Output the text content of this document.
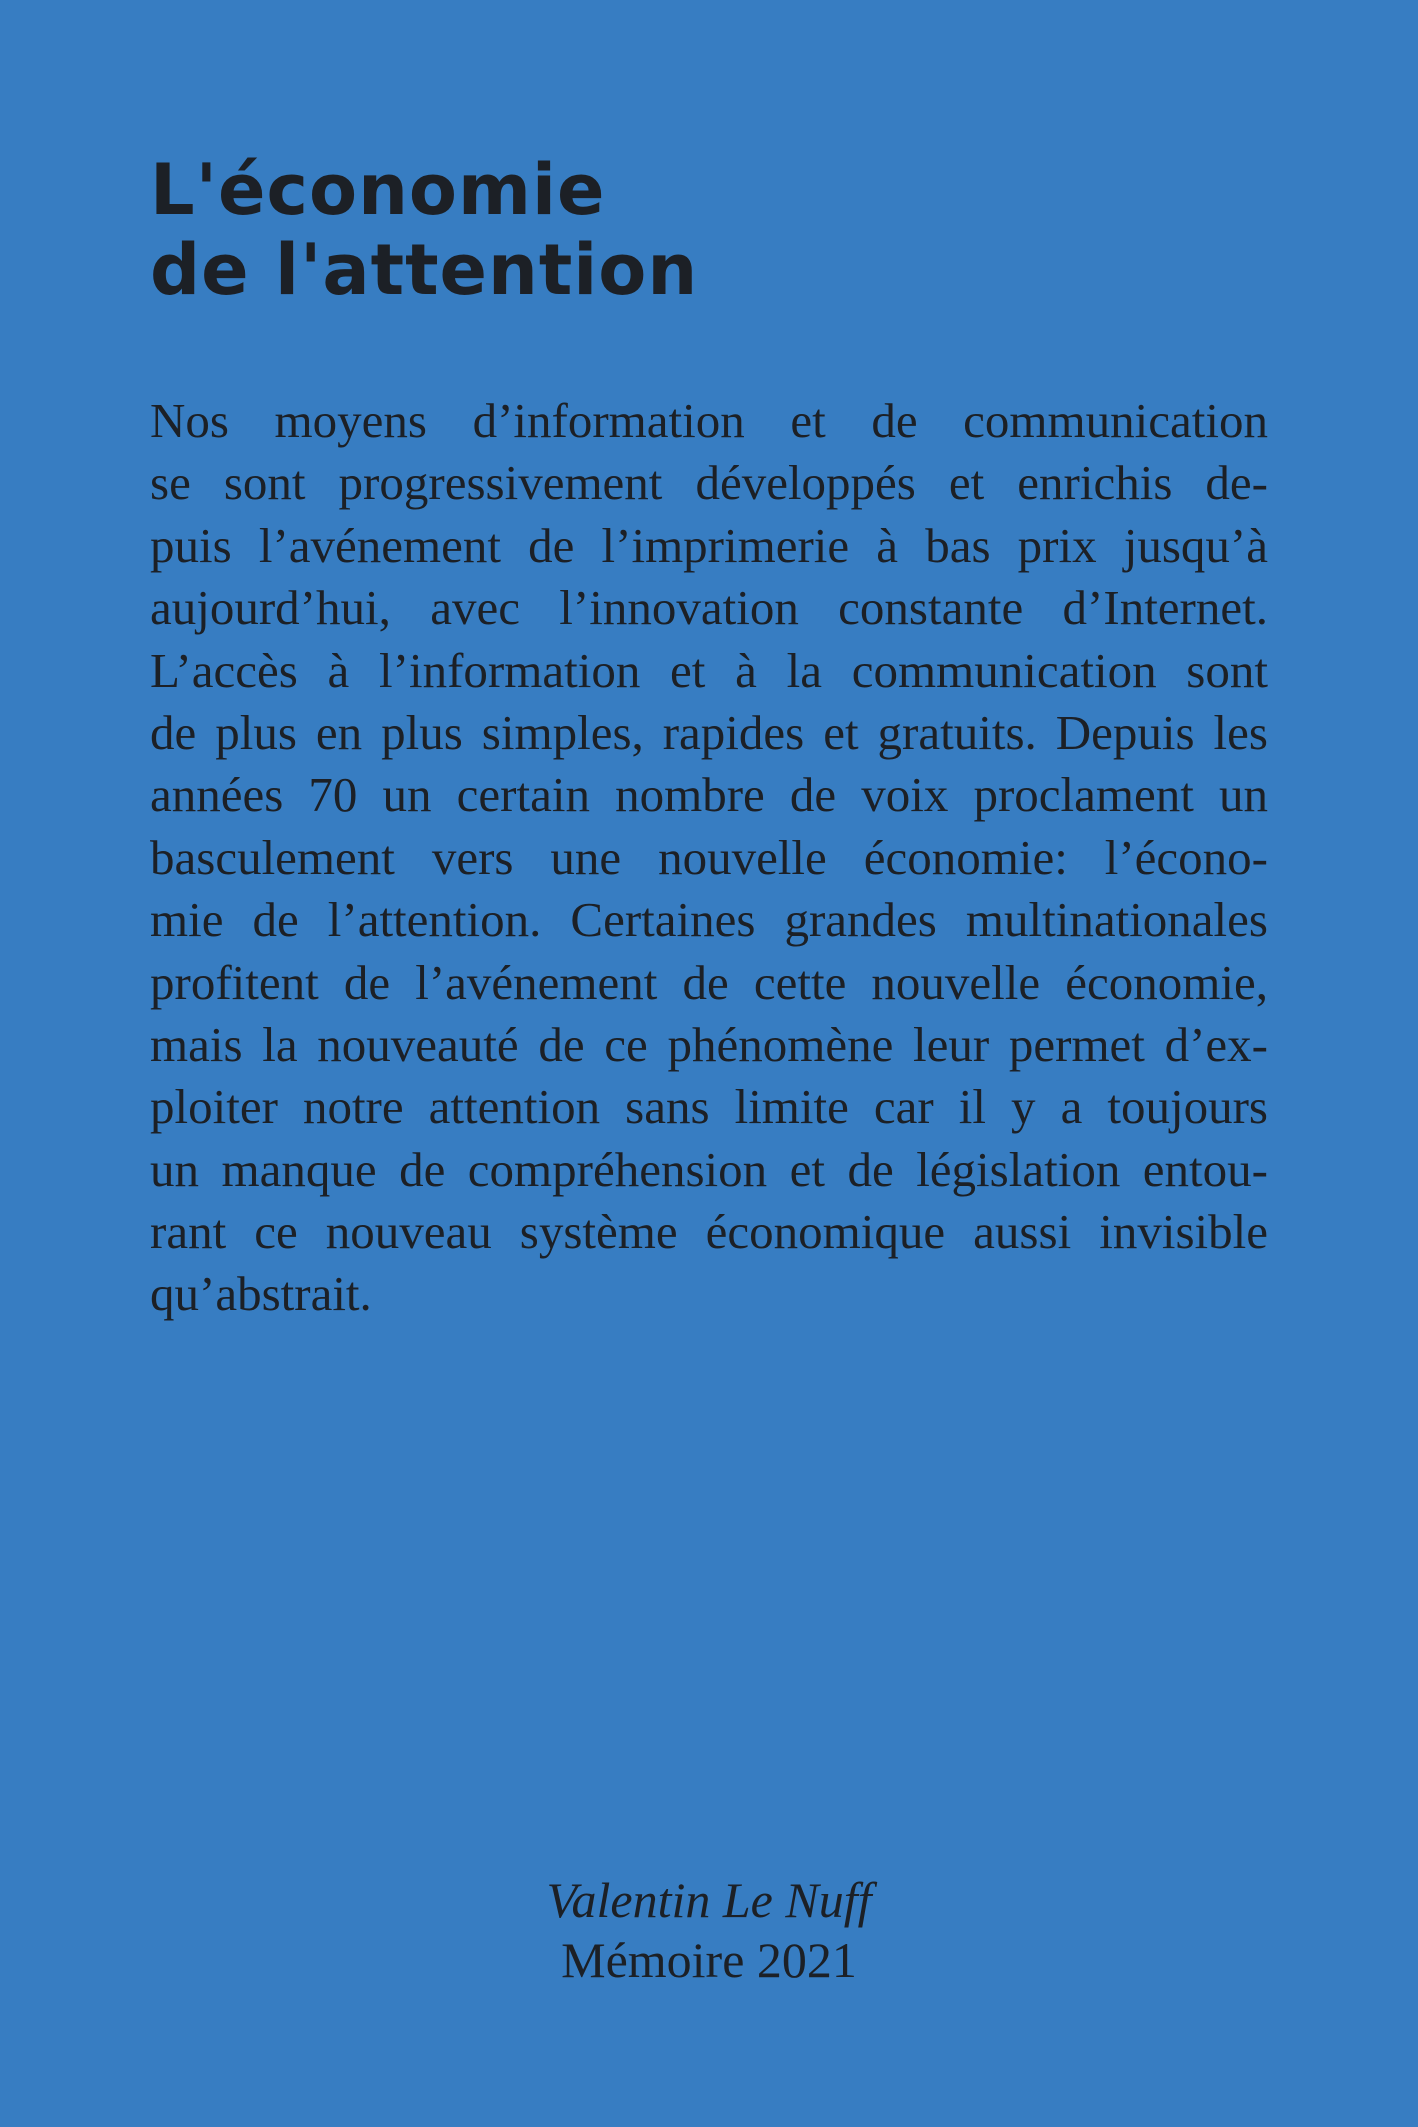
L'économie
de l'attention
Nos moyens d’information et de communication
se sont progressivement développés et enrichis de-
puis l’avénement de l’imprimerie à bas prix jusqu’à
aujourd’hui, avec l’innovation constante d’Internet.
L’accès à l’information et à la communication sont
de plus en plus simples, rapides et gratuits. Depuis les
années 70 un certain nombre de voix proclament un
basculement vers une nouvelle économie: l’écono-
mie de l’attention. Certaines grandes multinationales
profitent de l’avénement de cette nouvelle économie,
mais la nouveauté de ce phénomène leur permet d’ex-
ploiter notre attention sans limite car il y a toujours
un manque de compréhension et de législation entou-
rant ce nouveau système économique aussi invisible
qu’abstrait.
Valentin Le Nuff
Mémoire 2021
